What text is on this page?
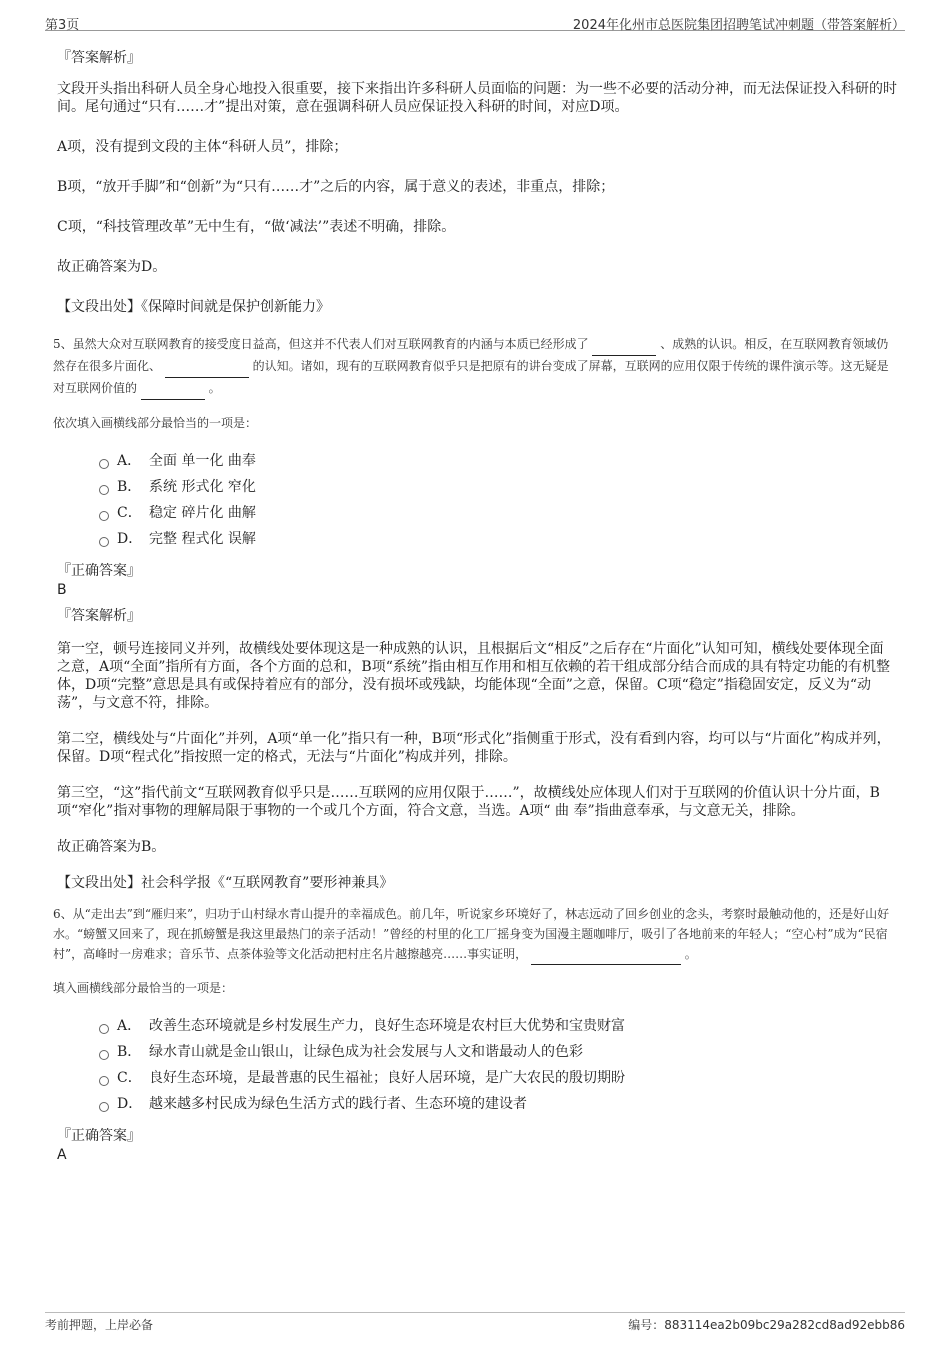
第3页	2024年化州市总医院集团招聘笔试冲刺题（带答案解析）
『答案解析』

文段开头指出科研人员全身心地投入很重要，接下来指出许多科研人员面临的问题：为一些不必要的活动分神，而无法保证投入科研的时间。尾句通过“只有……才”提出对策，意在强调科研人员应保证投入科研的时间，对应D项。

A项，没有提到文段的主体“科研人员”，排除；

B项，“放开手脚”和“创新”为“只有……才”之后的内容，属于意义的表述，非重点，排除；

C项，“科技管理改革”无中生有，“做‘减法’”表述不明确，排除。

故正确答案为D。

【文段出处】《保障时间就是保护创新能力》

5、虽然大众对互联网教育的接受度日益高，但这并不代表人们对互联网教育的内涵与本质已经形成了	、成熟的认识。相反，在互联网教育领域仍然存在很多片面化、	的认知。诸如，现有的互联网教育似乎只是把原有的讲台变成了屏幕，互联网的应用仅限于传统的课件演示等。这无疑是对互联网价值的	。

依次填入画横线部分最恰当的一项是：

A． 全面 单一化 曲奉
B． 系统 形式化 窄化
C． 稳定 碎片化 曲解
D． 完整 程式化 误解
『正确答案』
B
『答案解析』

第一空，顿号连接同义并列，故横线处要体现这是一种成熟的认识，且根据后文“相反”之后存在“片面化”认知可知，横线处要体现全面之意，A项“全面”指所有方面，各个方面的总和，B项“系统”指由相互作用和相互依赖的若干组成部分结合而成的具有特定功能的有机整体，D项“完整”意思是具有或保持着应有的部分，没有损坏或残缺，均能体现“全面”之意，保留。C项“稳定”指稳固安定，反义为“动荡”，与文意不符，排除。

第二空，横线处与“片面化”并列，A项“单一化”指只有一种，B项“形式化”指侧重于形式，没有看到内容，均可以与“片面化”构成并列，保留。D项“程式化”指按照一定的格式，无法与“片面化”构成并列，排除。

第三空，“这”指代前文“互联网教育似乎只是……互联网的应用仅限于……”，故横线处应体现人们对于互联网的价值认识十分片面，B项“窄化”指对事物的理解局限于事物的一个或几个方面，符合文意，当选。A项“ 曲 奉”指曲意奉承，与文意无关，排除。

故正确答案为B。

【文段出处】社会科学报《“互联网教育”要形神兼具》

6、从“走出去”到“雁归来”，归功于山村绿水青山提升的幸福成色。前几年，听说家乡环境好了，林志远动了回乡创业的念头，考察时最触动他的，还是好山好水。“螃蟹又回来了，现在抓螃蟹是我这里最热门的亲子活动！”曾经的村里的化工厂摇身变为国漫主题咖啡厅，吸引了各地前来的年轻人；“空心村”成为“民宿村”，高峰时一房难求；音乐节、点茶体验等文化活动把村庄名片越擦越亮……事实证明，	。

填入画横线部分最恰当的一项是：

A． 改善生态环境就是乡村发展生产力，良好生态环境是农村巨大优势和宝贵财富
B． 绿水青山就是金山银山，让绿色成为社会发展与人文和谐最动人的色彩
C． 良好生态环境，是最普惠的民生福祉；良好人居环境，是广大农民的殷切期盼
D． 越来越多村民成为绿色生活方式的践行者、生态环境的建设者
『正确答案』
A
考前押题，上岸必备	编号：883114ea2b09bc29a282cd8ad92ebb86
